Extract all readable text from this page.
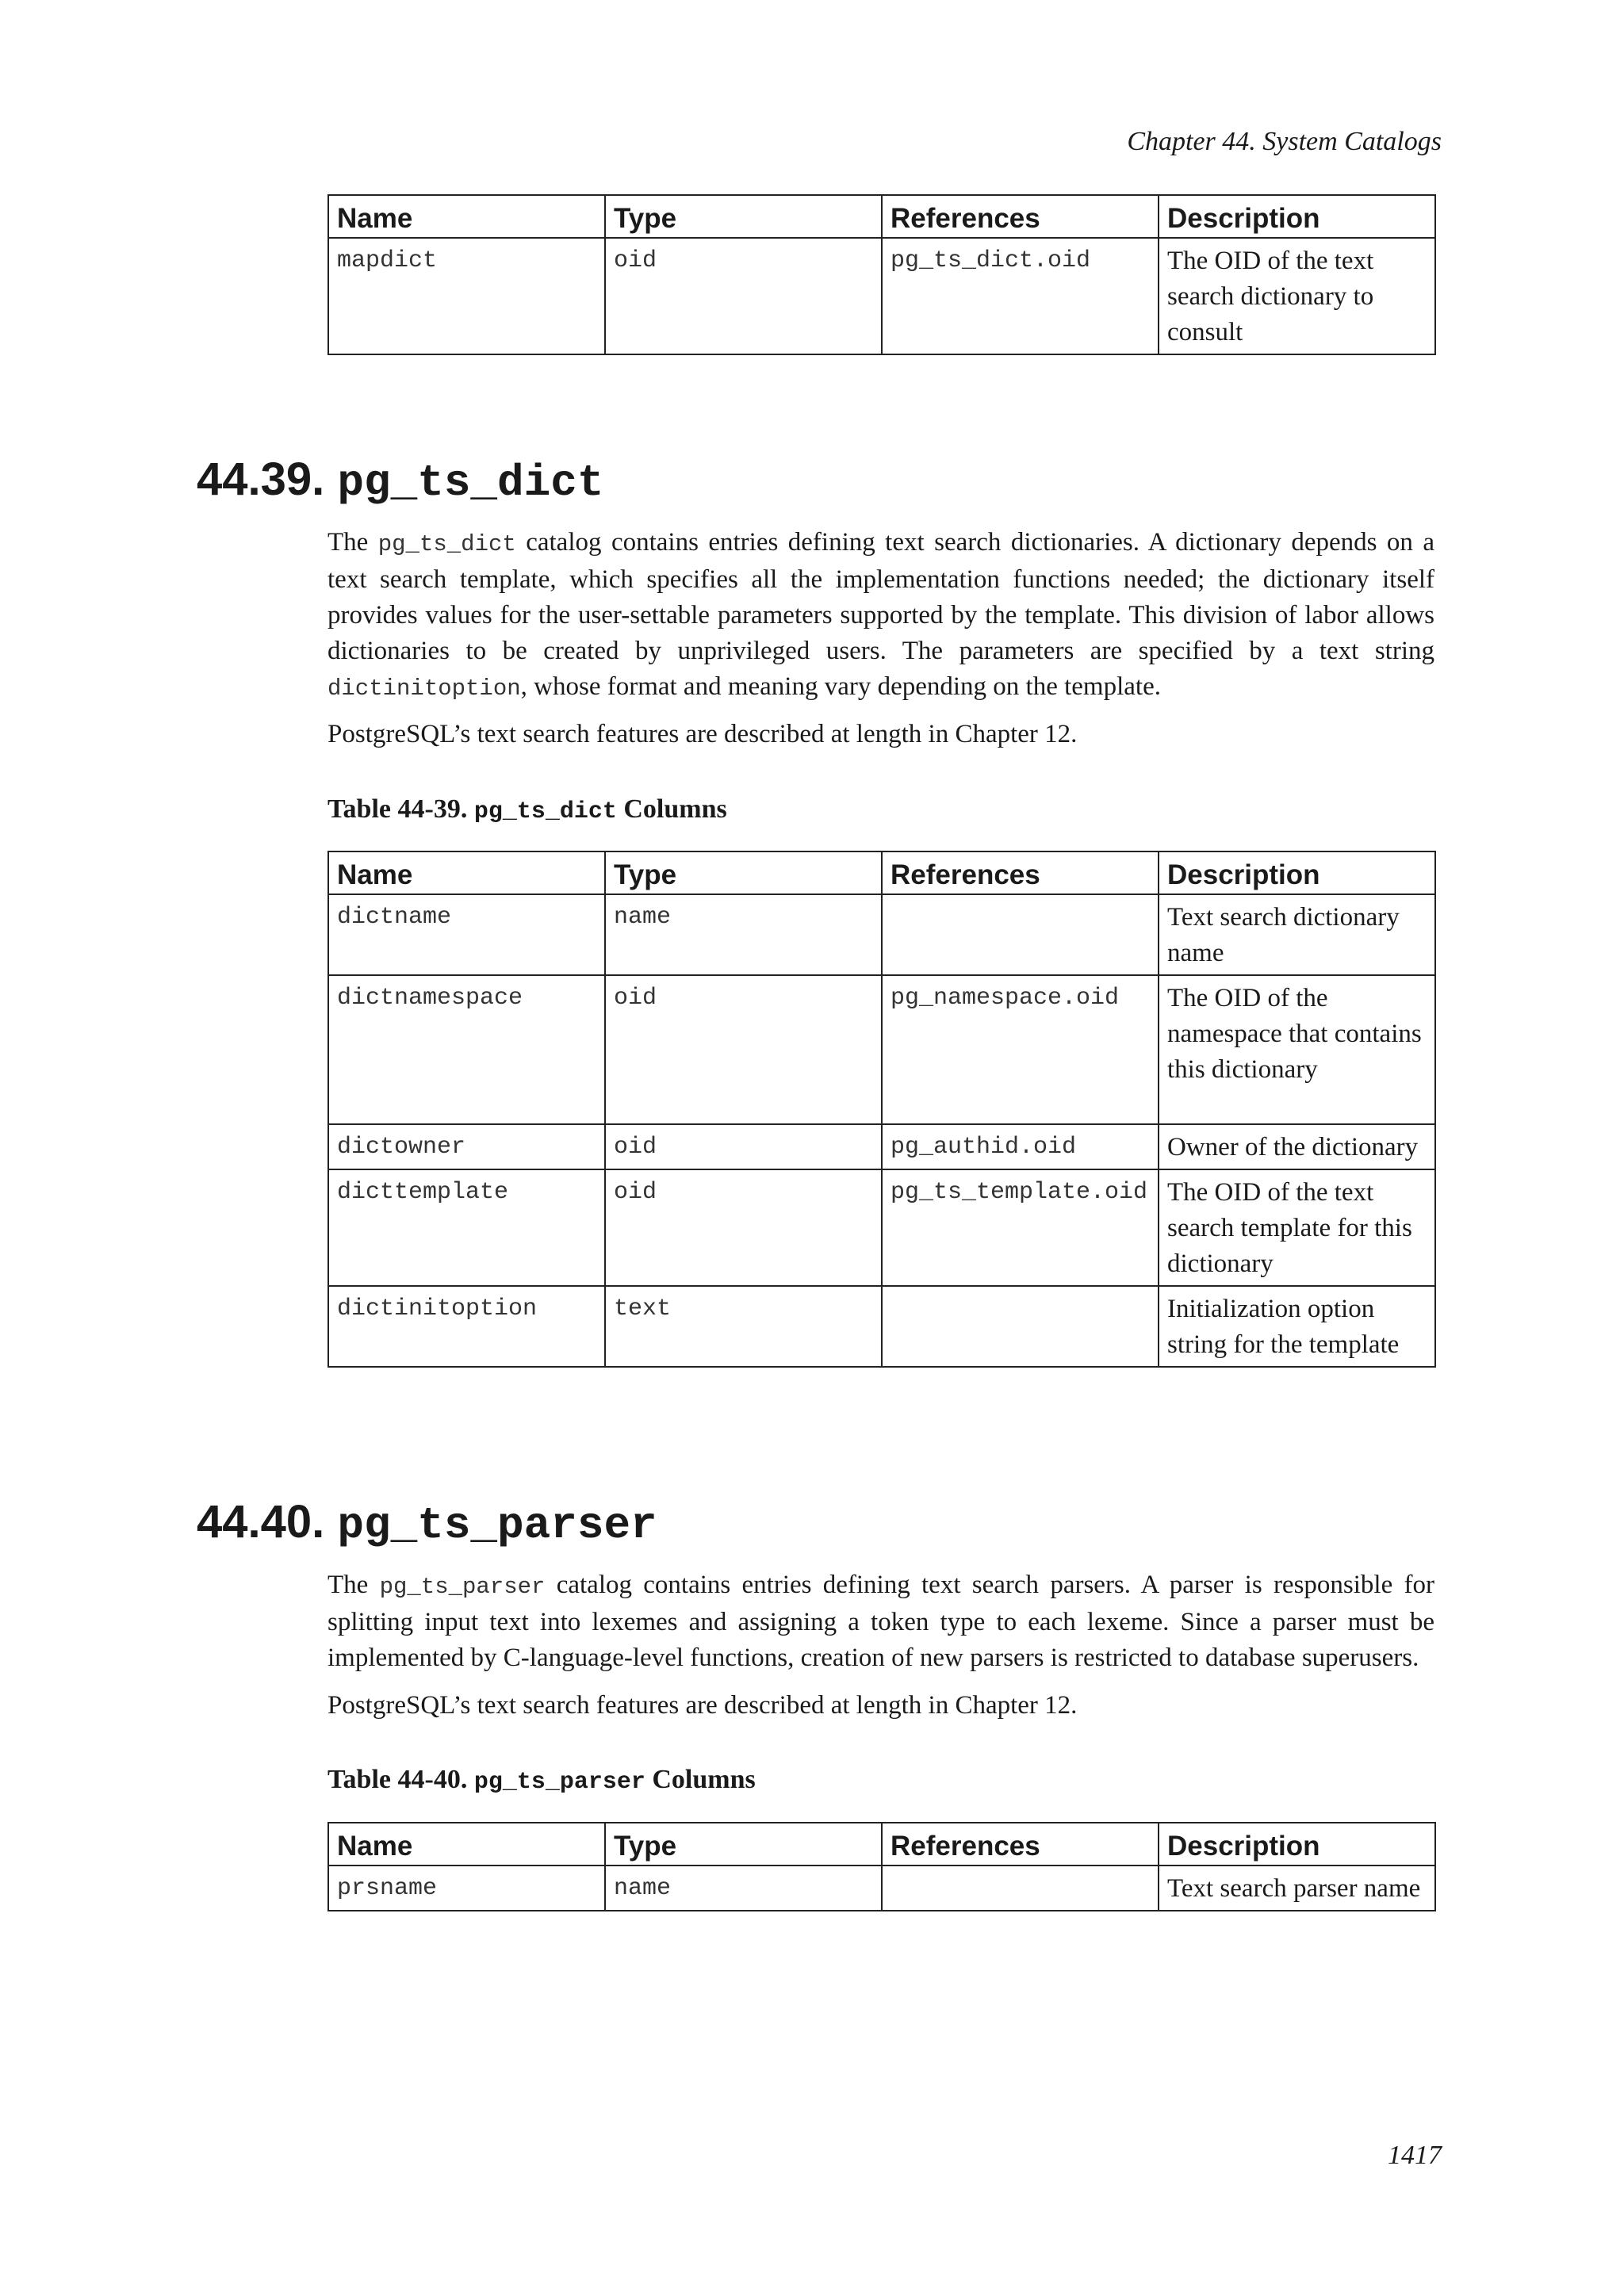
Chapter 44. System Catalogs
Name	Type	References	Description
mapdict	oid	pg_ts_dict.oid	The OID of the text search dictionary to consult
44.39. pg_ts_dict

The pg_ts_dict catalog contains entries defining text search dictionaries. A dictionary depends on a text search template, which specifies all the implementation functions needed; the dictionary itself provides values for the user-settable parameters supported by the template. This division of labor allows dictionaries to be created by unprivileged users. The parameters are specified by a text string dictinitoption, whose format and meaning vary depending on the template.

PostgreSQL’s text search features are described at length in Chapter 12.

Table 44-39. pg_ts_dict Columns

Name	Type	References	Description
dictname	name		Text search dictionary name
dictnamespace	oid	pg_namespace.oid	The OID of the namespace that contains this dictionary
dictowner	oid	pg_authid.oid	Owner of the dictionary
dicttemplate	oid	pg_ts_template.oid	The OID of the text search template for this dictionary
dictinitoption	text		Initialization option string for the template
44.40. pg_ts_parser

The pg_ts_parser catalog contains entries defining text search parsers. A parser is responsible for splitting input text into lexemes and assigning a token type to each lexeme. Since a parser must be implemented by C-language-level functions, creation of new parsers is restricted to database superusers.

PostgreSQL’s text search features are described at length in Chapter 12.

Table 44-40. pg_ts_parser Columns

Name	Type	References	Description
prsname	name		Text search parser name
1417
